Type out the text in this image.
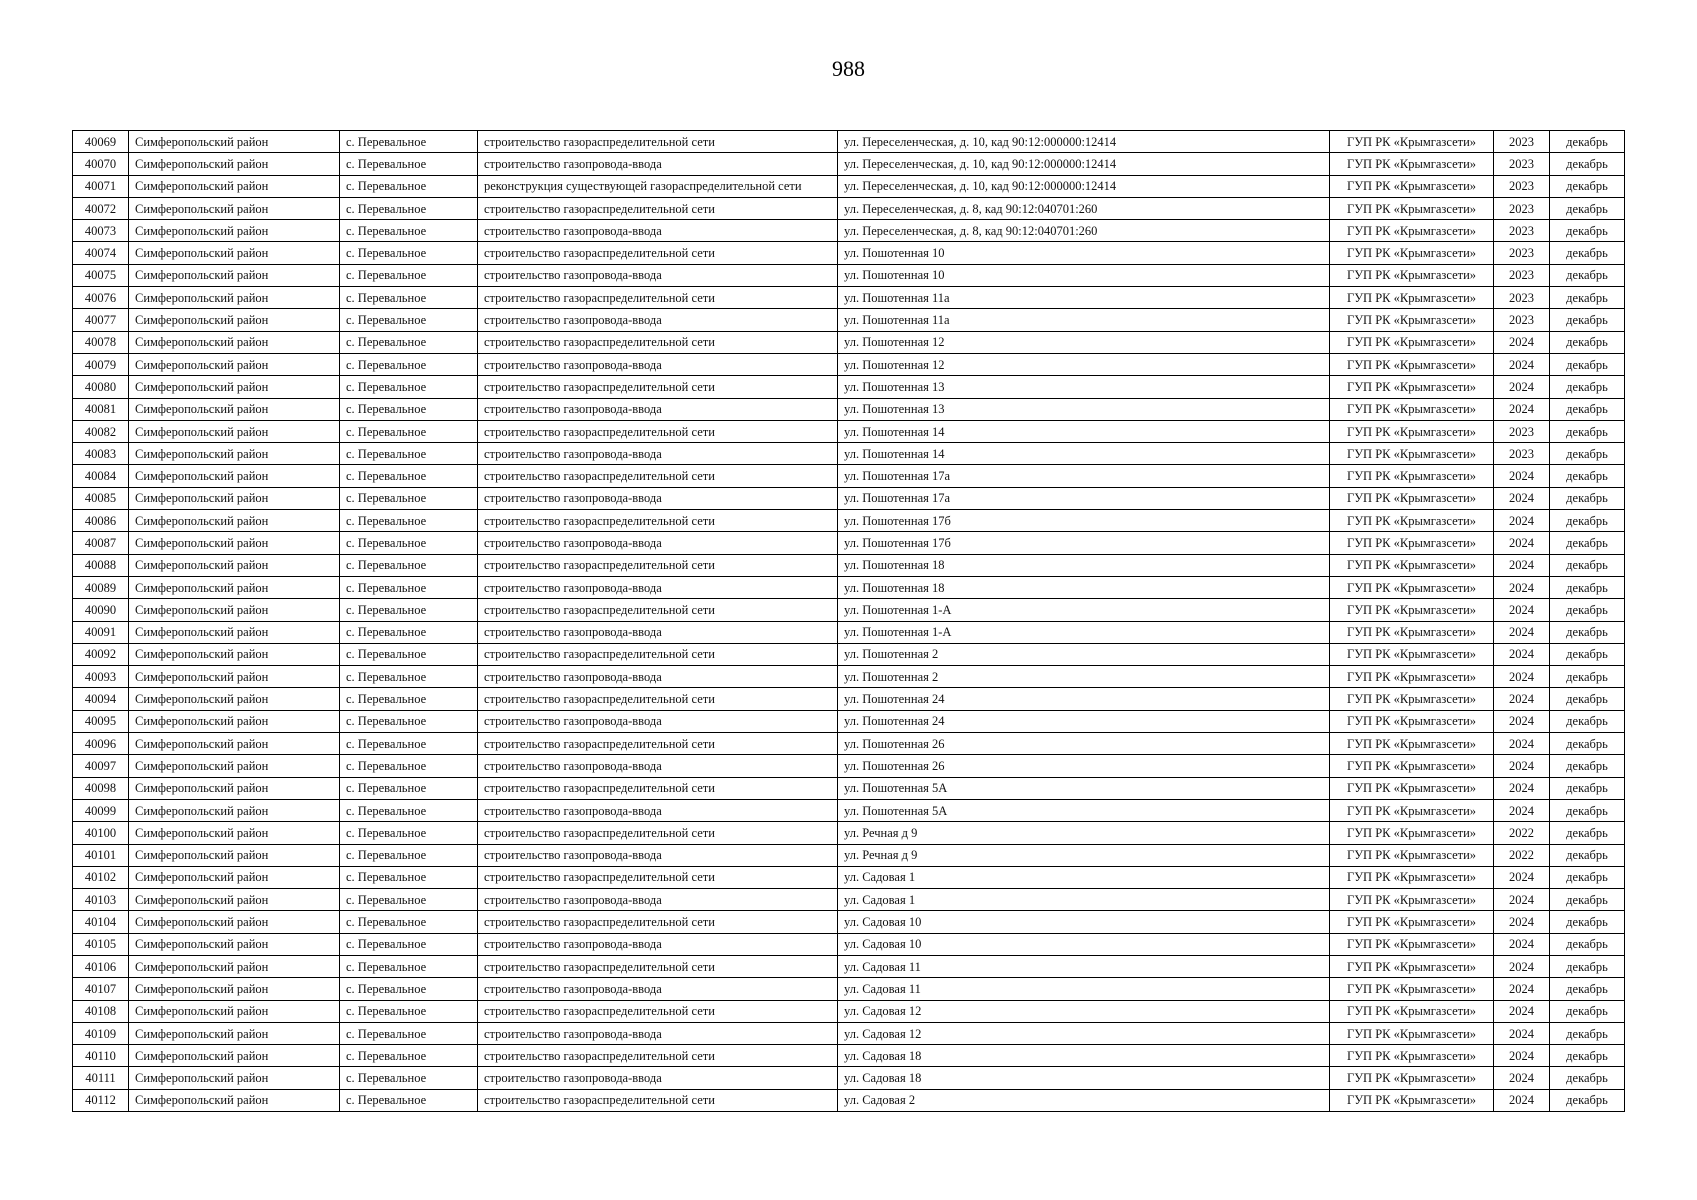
988
40069	Симферопольский район	с. Перевальное	строительство газораспределительной сети	ул. Переселенческая, д. 10, кад 90:12:000000:12414	ГУП РК «Крымгазсети»	2023	декабрь
40070	Симферопольский район	с. Перевальное	строительство газопровода-ввода	ул. Переселенческая, д. 10, кад 90:12:000000:12414	ГУП РК «Крымгазсети»	2023	декабрь
40071	Симферопольский район	с. Перевальное	реконструкция существующей газораспределительной сети	ул. Переселенческая, д. 10, кад 90:12:000000:12414	ГУП РК «Крымгазсети»	2023	декабрь
40072	Симферопольский район	с. Перевальное	строительство газораспределительной сети	ул. Переселенческая, д. 8, кад 90:12:040701:260	ГУП РК «Крымгазсети»	2023	декабрь
40073	Симферопольский район	с. Перевальное	строительство газопровода-ввода	ул. Переселенческая, д. 8, кад 90:12:040701:260	ГУП РК «Крымгазсети»	2023	декабрь
40074	Симферопольский район	с. Перевальное	строительство газораспределительной сети	ул. Пошотенная 10	ГУП РК «Крымгазсети»	2023	декабрь
40075	Симферопольский район	с. Перевальное	строительство газопровода-ввода	ул. Пошотенная 10	ГУП РК «Крымгазсети»	2023	декабрь
40076	Симферопольский район	с. Перевальное	строительство газораспределительной сети	ул. Пошотенная 11а	ГУП РК «Крымгазсети»	2023	декабрь
40077	Симферопольский район	с. Перевальное	строительство газопровода-ввода	ул. Пошотенная 11а	ГУП РК «Крымгазсети»	2023	декабрь
40078	Симферопольский район	с. Перевальное	строительство газораспределительной сети	ул. Пошотенная 12	ГУП РК «Крымгазсети»	2024	декабрь
40079	Симферопольский район	с. Перевальное	строительство газопровода-ввода	ул. Пошотенная 12	ГУП РК «Крымгазсети»	2024	декабрь
40080	Симферопольский район	с. Перевальное	строительство газораспределительной сети	ул. Пошотенная 13	ГУП РК «Крымгазсети»	2024	декабрь
40081	Симферопольский район	с. Перевальное	строительство газопровода-ввода	ул. Пошотенная 13	ГУП РК «Крымгазсети»	2024	декабрь
40082	Симферопольский район	с. Перевальное	строительство газораспределительной сети	ул. Пошотенная 14	ГУП РК «Крымгазсети»	2023	декабрь
40083	Симферопольский район	с. Перевальное	строительство газопровода-ввода	ул. Пошотенная 14	ГУП РК «Крымгазсети»	2023	декабрь
40084	Симферопольский район	с. Перевальное	строительство газораспределительной сети	ул. Пошотенная 17а	ГУП РК «Крымгазсети»	2024	декабрь
40085	Симферопольский район	с. Перевальное	строительство газопровода-ввода	ул. Пошотенная 17а	ГУП РК «Крымгазсети»	2024	декабрь
40086	Симферопольский район	с. Перевальное	строительство газораспределительной сети	ул. Пошотенная 17б	ГУП РК «Крымгазсети»	2024	декабрь
40087	Симферопольский район	с. Перевальное	строительство газопровода-ввода	ул. Пошотенная 17б	ГУП РК «Крымгазсети»	2024	декабрь
40088	Симферопольский район	с. Перевальное	строительство газораспределительной сети	ул. Пошотенная 18	ГУП РК «Крымгазсети»	2024	декабрь
40089	Симферопольский район	с. Перевальное	строительство газопровода-ввода	ул. Пошотенная 18	ГУП РК «Крымгазсети»	2024	декабрь
40090	Симферопольский район	с. Перевальное	строительство газораспределительной сети	ул. Пошотенная 1-А	ГУП РК «Крымгазсети»	2024	декабрь
40091	Симферопольский район	с. Перевальное	строительство газопровода-ввода	ул. Пошотенная 1-А	ГУП РК «Крымгазсети»	2024	декабрь
40092	Симферопольский район	с. Перевальное	строительство газораспределительной сети	ул. Пошотенная 2	ГУП РК «Крымгазсети»	2024	декабрь
40093	Симферопольский район	с. Перевальное	строительство газопровода-ввода	ул. Пошотенная 2	ГУП РК «Крымгазсети»	2024	декабрь
40094	Симферопольский район	с. Перевальное	строительство газораспределительной сети	ул. Пошотенная 24	ГУП РК «Крымгазсети»	2024	декабрь
40095	Симферопольский район	с. Перевальное	строительство газопровода-ввода	ул. Пошотенная 24	ГУП РК «Крымгазсети»	2024	декабрь
40096	Симферопольский район	с. Перевальное	строительство газораспределительной сети	ул. Пошотенная 26	ГУП РК «Крымгазсети»	2024	декабрь
40097	Симферопольский район	с. Перевальное	строительство газопровода-ввода	ул. Пошотенная 26	ГУП РК «Крымгазсети»	2024	декабрь
40098	Симферопольский район	с. Перевальное	строительство газораспределительной сети	ул. Пошотенная 5А	ГУП РК «Крымгазсети»	2024	декабрь
40099	Симферопольский район	с. Перевальное	строительство газопровода-ввода	ул. Пошотенная 5А	ГУП РК «Крымгазсети»	2024	декабрь
40100	Симферопольский район	с. Перевальное	строительство газораспределительной сети	ул. Речная д 9	ГУП РК «Крымгазсети»	2022	декабрь
40101	Симферопольский район	с. Перевальное	строительство газопровода-ввода	ул. Речная д 9	ГУП РК «Крымгазсети»	2022	декабрь
40102	Симферопольский район	с. Перевальное	строительство газораспределительной сети	ул. Садовая 1	ГУП РК «Крымгазсети»	2024	декабрь
40103	Симферопольский район	с. Перевальное	строительство газопровода-ввода	ул. Садовая 1	ГУП РК «Крымгазсети»	2024	декабрь
40104	Симферопольский район	с. Перевальное	строительство газораспределительной сети	ул. Садовая 10	ГУП РК «Крымгазсети»	2024	декабрь
40105	Симферопольский район	с. Перевальное	строительство газопровода-ввода	ул. Садовая 10	ГУП РК «Крымгазсети»	2024	декабрь
40106	Симферопольский район	с. Перевальное	строительство газораспределительной сети	ул. Садовая 11	ГУП РК «Крымгазсети»	2024	декабрь
40107	Симферопольский район	с. Перевальное	строительство газопровода-ввода	ул. Садовая 11	ГУП РК «Крымгазсети»	2024	декабрь
40108	Симферопольский район	с. Перевальное	строительство газораспределительной сети	ул. Садовая 12	ГУП РК «Крымгазсети»	2024	декабрь
40109	Симферопольский район	с. Перевальное	строительство газопровода-ввода	ул. Садовая 12	ГУП РК «Крымгазсети»	2024	декабрь
40110	Симферопольский район	с. Перевальное	строительство газораспределительной сети	ул. Садовая 18	ГУП РК «Крымгазсети»	2024	декабрь
40111	Симферопольский район	с. Перевальное	строительство газопровода-ввода	ул. Садовая 18	ГУП РК «Крымгазсети»	2024	декабрь
40112	Симферопольский район	с. Перевальное	строительство газораспределительной сети	ул. Садовая 2	ГУП РК «Крымгазсети»	2024	декабрь
